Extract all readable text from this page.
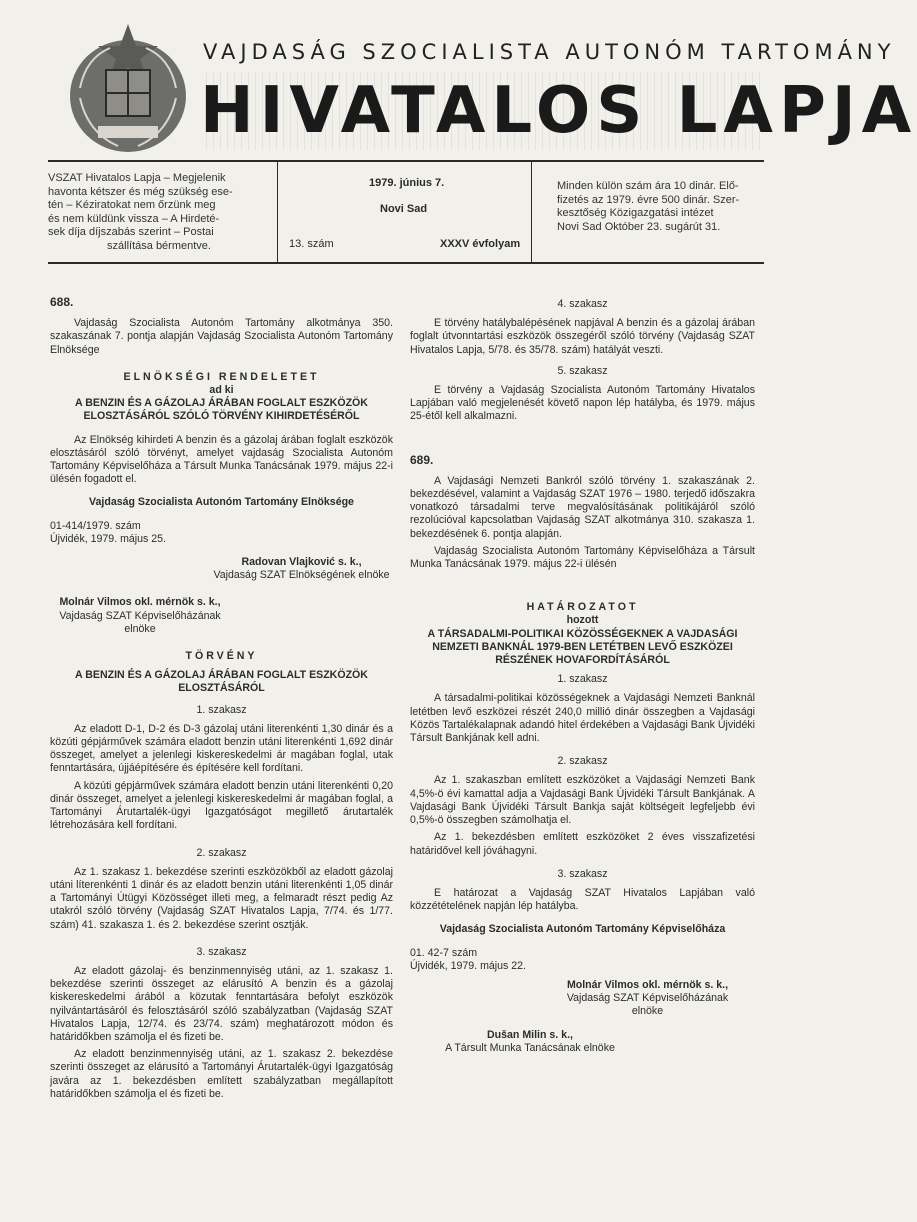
VAJDASÁG SZOCIALISTA AUTONÓM TARTOMÁNY
HIVATALOS LAPJA
VSZAT Hivatalos Lapja – Megjelenik
havonta kétszer és még szükség ese-
tén – Kéziratokat nem őrzünk meg
és nem küldünk vissza – A Hirdeté-
sek díja díjszabás szerint – Postai
szállítása bérmentve.
1979. június 7.
Novi Sad
13. szám	XXXV évfolyam
Minden külön szám ára 10 dinár. Elő-
fizetés az 1979. évre 500 dinár. Szer-
kesztőség Közigazgatási intézet
Novi Sad Október 23. sugárút 31.

688.

Vajdaság Szocialista Autonóm Tartomány alkotmánya 350. szakaszának 7. pontja alapján Vajdaság Szocialista Autonóm Tartomány Elnöksége

ELNÖKSÉGI RENDELETET

ad ki

A BENZIN ÉS A GÁZOLAJ ÁRÁBAN FOGLALT ESZKÖZÖK ELOSZTÁSÁRÓL SZÓLÓ TÖRVÉNY KIHIRDETÉSÉRŐL

Az Elnökség kihirdeti A benzin és a gázolaj árában foglalt eszközök elosztásáról szóló törvényt, amelyet vajdaság Szocialista Autonóm Tartomány Képviselőháza a Társult Munka Tanácsának 1979. május 22-i ülésén fogadott el.

Vajdaság Szocialista Autonóm Tartomány Elnöksége

01-414/1979. szám

Újvidék, 1979. május 25.

Radovan Vlajković s. k.,
Vajdaság SZAT Elnökségének elnöke
Molnár Vilmos okl. mérnök s. k.,
Vajdaság SZAT Képviselőházának
elnöke

TÖRVÉNY

A BENZIN ÉS A GÁZOLAJ ÁRÁBAN FOGLALT ESZKÖZÖK ELOSZTÁSÁRÓL

1. szakasz

Az eladott D-1, D-2 és D-3 gázolaj utáni literenkénti 1,30 dinár és a közúti gépjárművek számára eladott benzin utáni literenkénti 1,692 dinár összeget, amelyet a jelenlegi kiskereskedelmi ár magában foglal, utak fenntartására, újjáépítésére és építésére kell fordítani.

A közúti gépjárművek számára eladott benzin utáni literenkénti 0,20 dinár összeget, amelyet a jelenlegi kiskereskedelmi ár magában foglal, a Tartományi Árutartalék-ügyi Igazgatóságot megillető árutartalék létrehozására kell fordítani.

2. szakasz

Az 1. szakasz 1. bekezdése szerinti eszközökből az eladott gázolaj utáni líterenkénti 1 dinár és az eladott benzin utáni literenkénti 1,05 dinár a Tartományi Útügyi Közösséget illeti meg, a felmaradt részt pedig Az utakról szóló törvény (Vajdaság SZAT Hivatalos Lapja, 7/74. és 1/77. szám) 41. szakasza 1. és 2. bekezdése szerint osztják.

3. szakasz

Az eladott gázolaj- és benzinmennyiség utáni, az 1. szakasz 1. bekezdése szerinti összeget az elárusító A benzin és a gázolaj kiskereskedelmi árából a közutak fenntartására befolyt eszközök nyilvántartásáról és felosztásáról szóló szabályzatban (Vajdaság SZAT Hivatalos Lapja, 12/74. és 23/74. szám) meghatározott módon és határidőkben számolja el és fizeti be.

Az eladott benzinmennyiség utáni, az 1. szakasz 2. bekezdése szerinti összeget az elárusító a Tartományi Árutartalék-ügyi Igazgatóság javára az 1. bekezdésben említett szabályzatban megállapított határidőkben számolja el és fizeti be.

4. szakasz

E törvény hatálybalépésének napjával A benzin és a gázolaj árában foglalt útvonntartási eszközök összegéről szóló törvény (Vajdaság SZAT Hivatalos Lapja, 5/78. és 35/78. szám) hatályát veszti.

5. szakasz

E törvény a Vajdaság Szocialista Autonóm Tartomány Hivatalos Lapjában való megjelenését követő napon lép hatályba, és 1979. május 25-étől kell alkalmazni.

689.

A Vajdasági Nemzeti Bankról szóló törvény 1. szakaszának 2. bekezdésével, valamint a Vajdaság SZAT 1976 – 1980. terjedő időszakra vonatkozó társadalmi terve megvalósításának politikájáról szóló rezolúcióval kapcsolatban Vajdaság SZAT alkotmánya 310. szakasza 1. bekezdésének 6. pontja alapján.

Vajdaság Szocialista Autonóm Tartomány Képviselőháza a Társult Munka Tanácsának 1979. május 22-i ülésén

HATÁROZATOT

hozott

A TÁRSADALMI-POLITIKAI KÖZÖSSÉGEKNEK A VAJDASÁGI NEMZETI BANKNÁL 1979-BEN LETÉTBEN LEVŐ ESZKÖZEI RÉSZÉNEK HOVAFORDÍTÁSÁRÓL

1. szakasz

A társadalmi-politikai közösségeknek a Vajdasági Nemzeti Banknál letétben levő eszközei részét 240,0 millió dinár összegben a Vajdasági Közös Tartalékalapnak adandó hitel érdekében a Vajdasági Bank Újvidéki Társult Bankjának kell adni.

2. szakasz

Az 1. szakaszban említett eszközöket a Vajdasági Nemzeti Bank 4,5%-ö évi kamattal adja a Vajdasági Bank Újvidéki Társult Bankjának. A Vajdasági Bank Újvidéki Társult Bankja saját költségeit legfeljebb évi 0,5%-ö összegben számolhatja el.

Az 1. bekezdésben említett eszközöket 2 éves visszafizetési határidővel kell jóváhagyni.

3. szakasz

E határozat a Vajdaság SZAT Hivatalos Lapjában való közzétételének napján lép hatályba.

Vajdaság Szocialista Autonóm Tartomány Képviselőháza

01. 42-7 szám

Újvidék, 1979. május 22.

Molnár Vilmos okl. mérnök s. k.,
Vajdaság SZAT Képviselőházának
elnöke
Dušan Milin s. k.,
A Társult Munka Tanácsának elnöke
